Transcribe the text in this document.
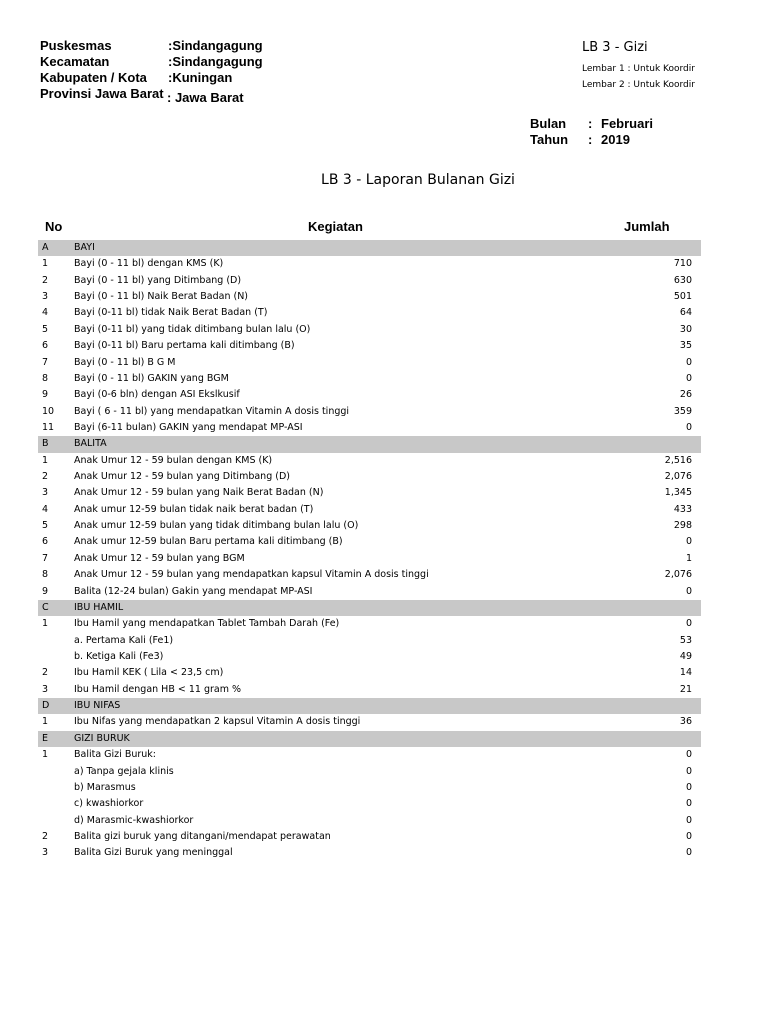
Puskesmas	:Sindangagung
Kecamatan	:Sindangagung
Kabupaten / Kota :Kuningan
Provinsi Jawa Barat : Jawa Barat
LB 3 - Gizi
Lembar 1 : Untuk Koordir
Lembar 2 : Untuk Koordir
Bulan : Februari
Tahun : 2019
LB 3 - Laporan Bulanan Gizi
No	Kegiatan	Jumlah
A	BAYI
1	Bayi (0 - 11 bl) dengan KMS (K)	710
2	Bayi (0 - 11 bl) yang Ditimbang (D)	630
3	Bayi (0 - 11 bl) Naik Berat Badan (N)	501
4	Bayi (0-11 bl) tidak Naik Berat Badan (T)	64
5	Bayi (0-11 bl) yang tidak ditimbang bulan lalu (O)	30
6	Bayi (0-11 bl) Baru pertama kali ditimbang (B)	35
7	Bayi (0 - 11 bl) B G M	0
8	Bayi (0 - 11 bl) GAKIN yang BGM	0
9	Bayi (0-6 bln) dengan ASI Ekslkusif	26
10 Bayi ( 6 - 11 bl) yang mendapatkan Vitamin A dosis tinggi	359
11 Bayi (6-11 bulan) GAKIN yang mendapat MP-ASI	0
B	BALITA
1	Anak Umur 12 - 59 bulan dengan KMS (K)	2,516
2	Anak Umur 12 - 59 bulan yang Ditimbang (D)	2,076
3	Anak Umur 12 - 59 bulan yang Naik Berat Badan (N)	1,345
4	Anak umur 12-59 bulan tidak naik berat badan (T)	433
5	Anak umur 12-59 bulan yang tidak ditimbang bulan lalu (O)	298
6	Anak umur 12-59 bulan Baru pertama kali ditimbang (B)	0
7	Anak Umur 12 - 59 bulan yang BGM	1
8	Anak Umur 12 - 59 bulan yang mendapatkan kapsul Vitamin A dosis tinggi	2,076
9	Balita (12-24 bulan) Gakin yang mendapat MP-ASI	0
C	IBU HAMIL
1	Ibu Hamil yang mendapatkan Tablet Tambah Darah (Fe)	0
a. Pertama Kali (Fe1)	53
b. Ketiga Kali (Fe3)	49
2	Ibu Hamil KEK ( Lila < 23,5 cm)	14
3	Ibu Hamil dengan HB < 11 gram %	21
D	IBU NIFAS
1	Ibu Nifas yang mendapatkan 2 kapsul Vitamin A dosis tinggi	36
E	GIZI BURUK
1	Balita Gizi Buruk:	0
a) Tanpa gejala klinis	0
b) Marasmus	0
c) kwashiorkor	0
d) Marasmic-kwashiorkor	0
2	Balita gizi buruk yang ditangani/mendapat perawatan	0
3	Balita Gizi Buruk yang meninggal	0
